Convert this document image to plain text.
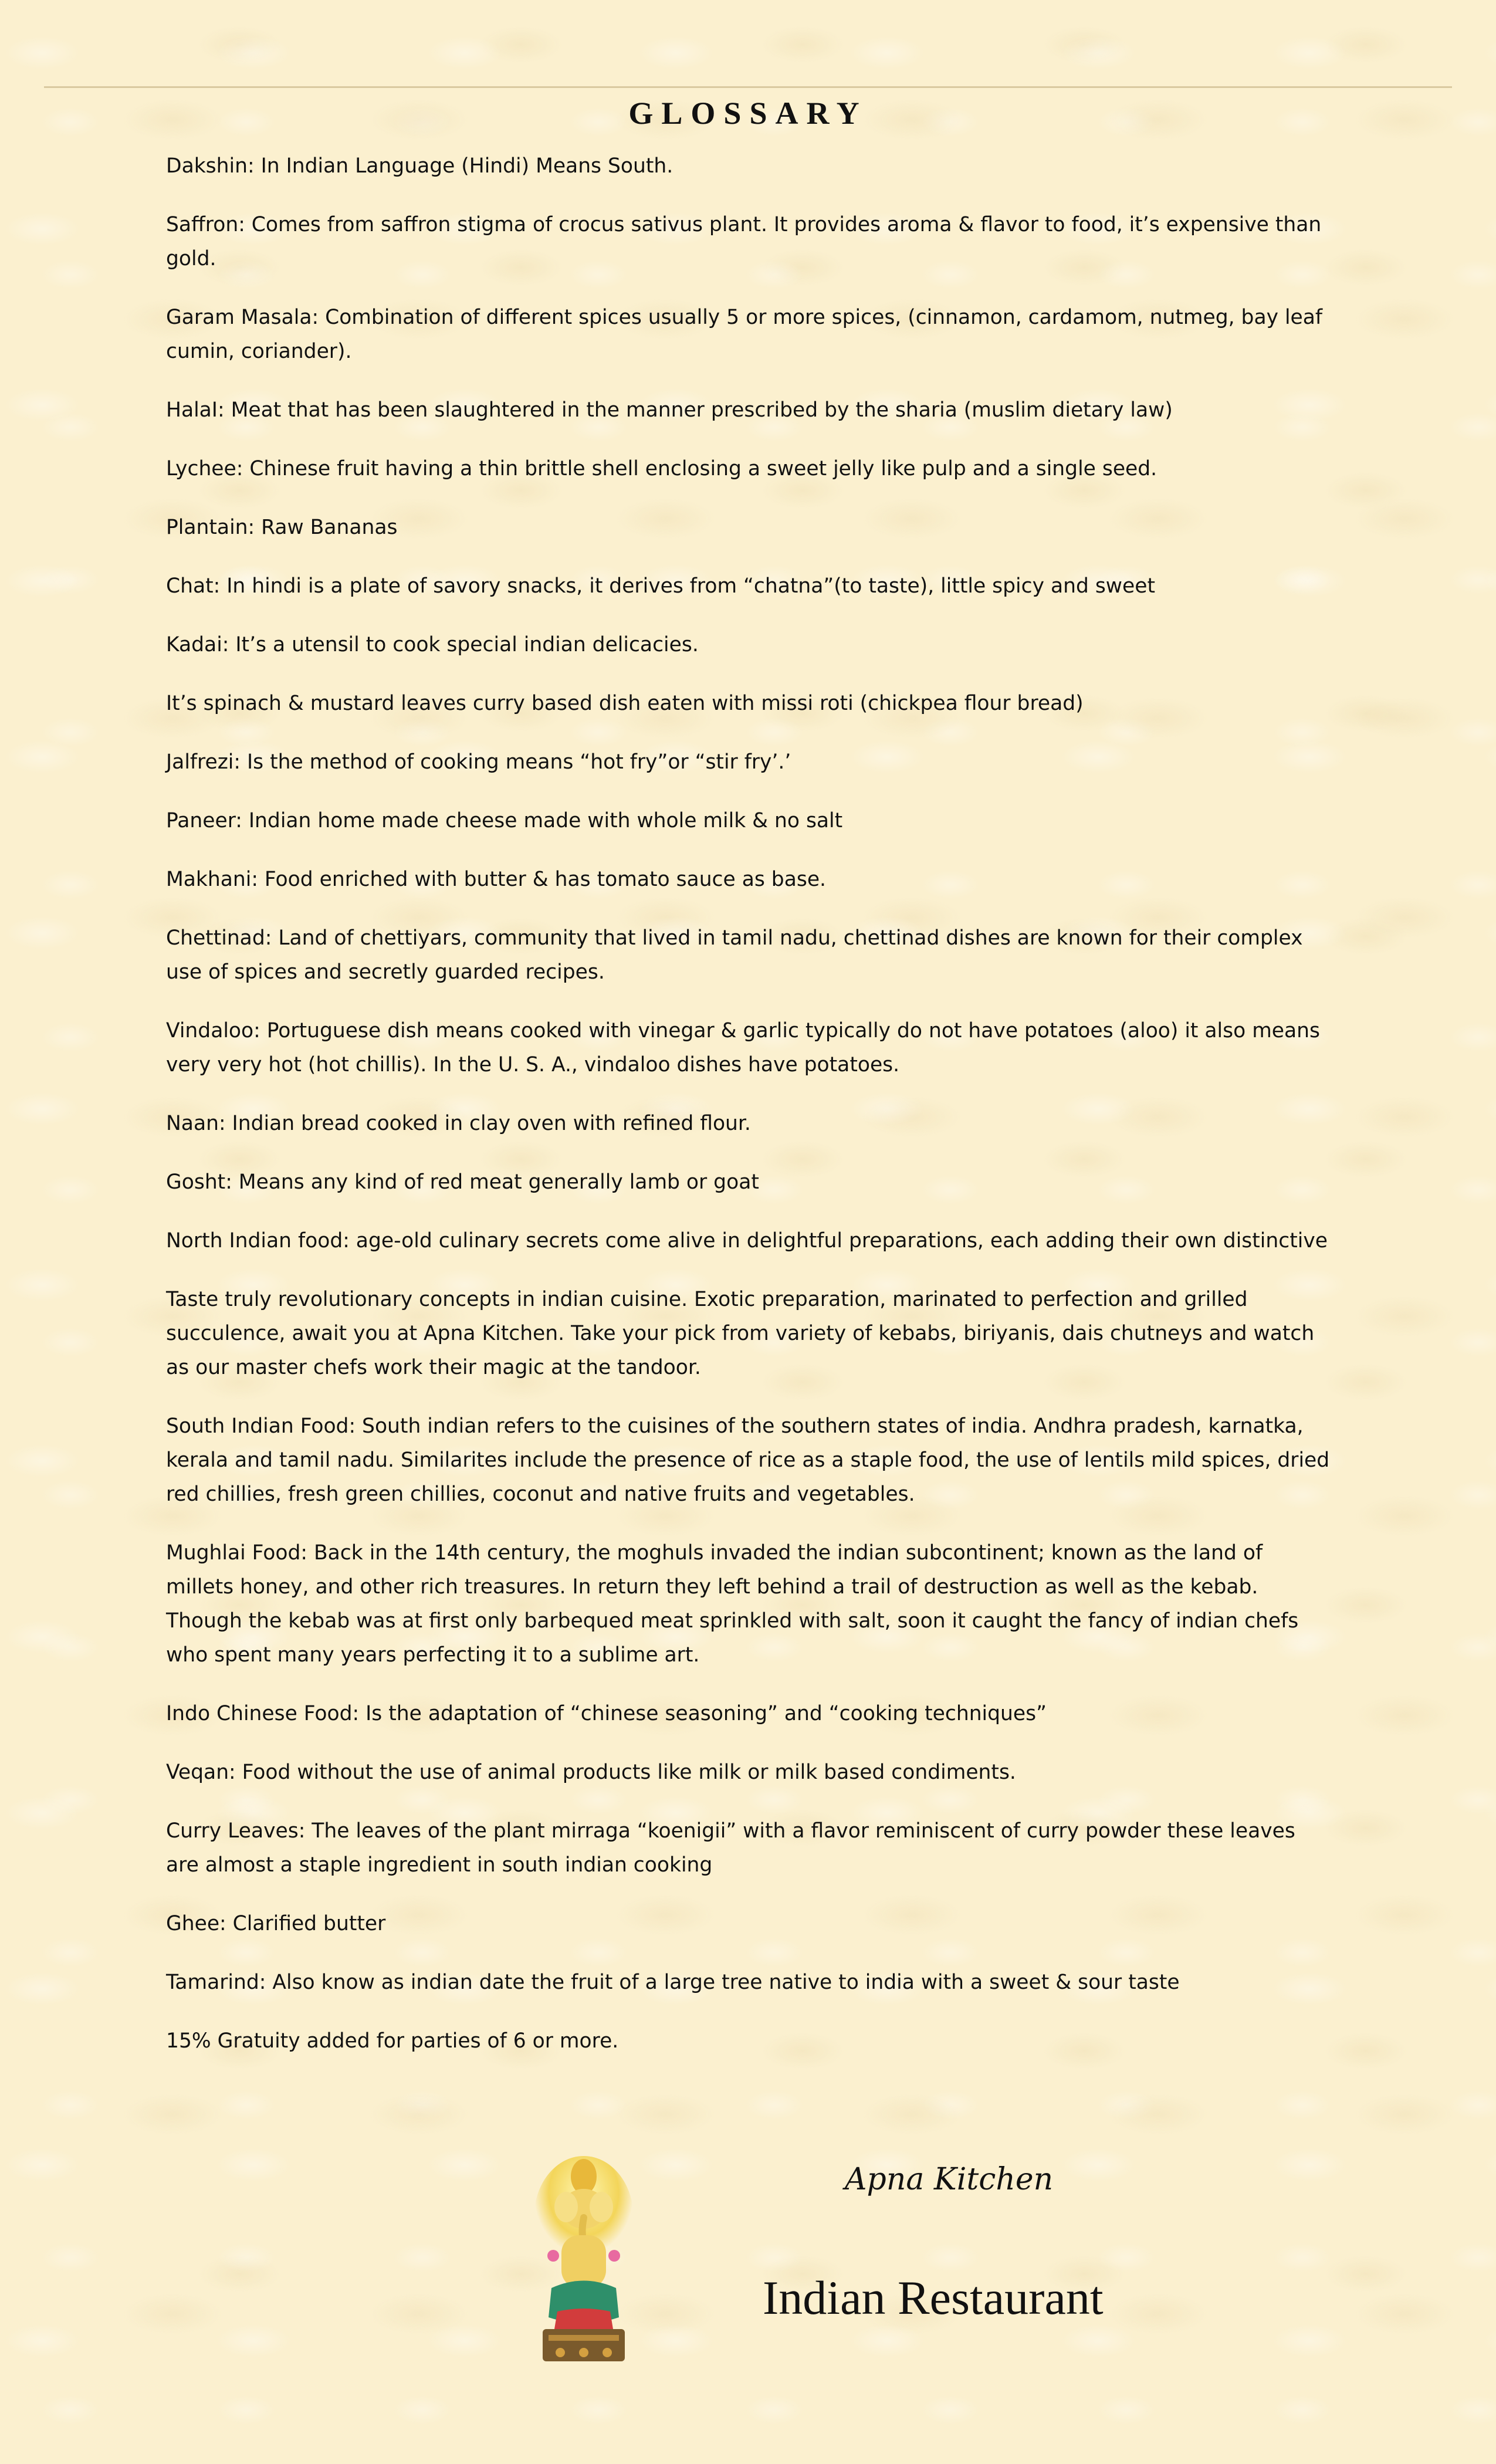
GLOSSARY

Dakshin: In Indian Language (Hindi) Means South.

Saffron: Comes from saffron stigma of crocus sativus plant. It provides aroma & flavor to food, it’s expensive than gold.

Garam Masala: Combination of different spices usually 5 or more spices, (cinnamon, cardamom, nutmeg, bay leaf cumin, coriander).

HalaI: Meat that has been slaughtered in the manner prescribed by the sharia (muslim dietary law)

Lychee: Chinese fruit having a thin brittle shell enclosing a sweet jelly like pulp and a single seed.

Plantain: Raw Bananas

Chat: In hindi is a plate of savory snacks, it derives from “chatna”(to taste), little spicy and sweet

Kadai: It’s a utensil to cook special indian delicacies.

It’s spinach & mustard leaves curry based dish eaten with missi roti (chickpea flour bread)

Jalfrezi: Is the method of cooking means “hot fry”or “stir fry’.’

Paneer: Indian home made cheese made with whole milk & no salt

Makhani: Food enriched with butter & has tomato sauce as base.

Chettinad: Land of chettiyars, community that lived in tamil nadu, chettinad dishes are known for their complex use of spices and secretly guarded recipes.

Vindaloo: Portuguese dish means cooked with vinegar & garlic typically do not have potatoes (aloo) it also means very very hot (hot chillis). In the U. S. A., vindaloo dishes have potatoes.

Naan: Indian bread cooked in clay oven with refined flour.

Gosht: Means any kind of red meat generally lamb or goat

North Indian food: age-old culinary secrets come alive in delightful preparations, each adding their own distinctive

Taste truly revolutionary concepts in indian cuisine. Exotic preparation, marinated to perfection and grilled succulence, await you at Apna Kitchen. Take your pick from variety of kebabs, biriyanis, dais chutneys and watch as our master chefs work their magic at the tandoor.

South Indian Food: South indian refers to the cuisines of the southern states of india. Andhra pradesh, karnatka, kerala and tamil nadu. Similarites include the presence of rice as a staple food, the use of lentils mild spices, dried red chillies, fresh green chillies, coconut and native fruits and vegetables.

Mughlai Food: Back in the 14th century, the moghuls invaded the indian subcontinent; known as the land of millets honey, and other rich treasures. In return they left behind a trail of destruction as well as the kebab. Though the kebab was at first only barbequed meat sprinkled with salt, soon it caught the fancy of indian chefs who spent many years perfecting it to a sublime art.

Indo Chinese Food: Is the adaptation of “chinese seasoning” and “cooking techniques”

Veqan: Food without the use of animal products like milk or milk based condiments.

Curry Leaves: The leaves of the plant mirraga “koenigii” with a flavor reminiscent of curry powder these leaves are almost a staple ingredient in south indian cooking

Ghee: Clarified butter

Tamarind: Also know as indian date the fruit of a large tree native to india with a sweet & sour taste

15% Gratuity added for parties of 6 or more.

Apna Kitchen
Indian Restaurant
